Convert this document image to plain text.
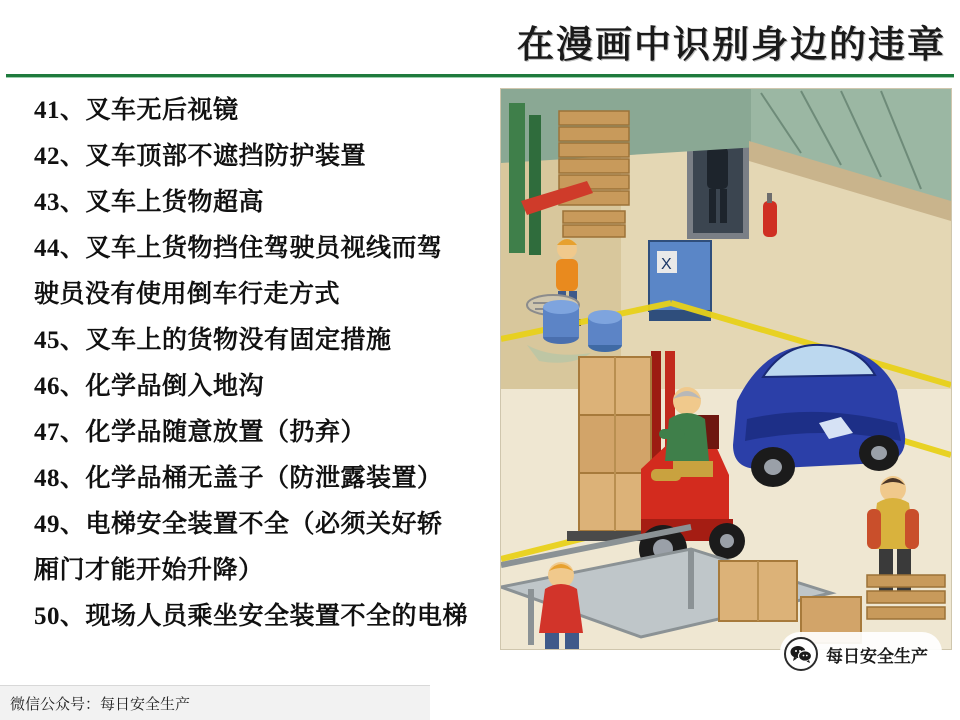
在漫画中识别身边的违章
41、叉车无后视镜
42、叉车顶部不遮挡防护装置
43、叉车上货物超高
44、叉车上货物挡住驾驶员视线而驾
驶员没有使用倒车行走方式
45、叉车上的货物没有固定措施
46、化学品倒入地沟
47、化学品随意放置（扔弃）
48、化学品桶无盖子（防泄露装置）
49、电梯安全装置不全（必须关好轿
厢门才能开始升降）
50、现场人员乘坐安全装置不全的电梯
X
每日安全生产
微信公众号：每日安全生产
